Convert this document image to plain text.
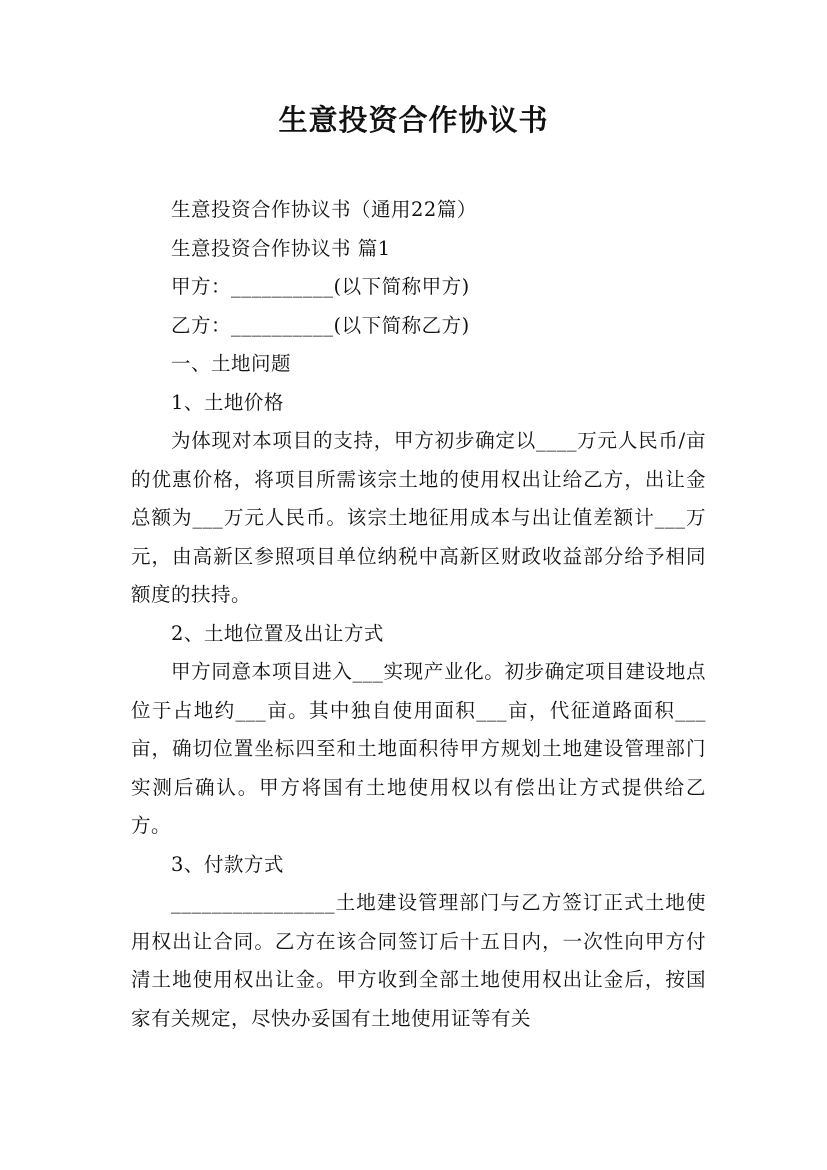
生意投资合作协议书

生意投资合作协议书（通用22篇）

生意投资合作协议书 篇1

甲方：__________(以下简称甲方)

乙方：__________(以下简称乙方)

一、土地问题

1、土地价格

为体现对本项目的支持，甲方初步确定以____万元人民币/亩的优惠价格，将项目所需该宗土地的使用权出让给乙方，出让金总额为___万元人民币。该宗土地征用成本与出让值差额计___万元，由高新区参照项目单位纳税中高新区财政收益部分给予相同额度的扶持。

2、土地位置及出让方式

甲方同意本项目进入___实现产业化。初步确定项目建设地点位于占地约___亩。其中独自使用面积___亩，代征道路面积___亩，确切位置坐标四至和土地面积待甲方规划土地建设管理部门实测后确认。甲方将国有土地使用权以有偿出让方式提供给乙方。

3、付款方式

________________土地建设管理部门与乙方签订正式土地使用权出让合同。乙方在该合同签订后十五日内，一次性向甲方付清土地使用权出让金。甲方收到全部土地使用权出让金后，按国家有关规定，尽快办妥国有土地使用证等有关
